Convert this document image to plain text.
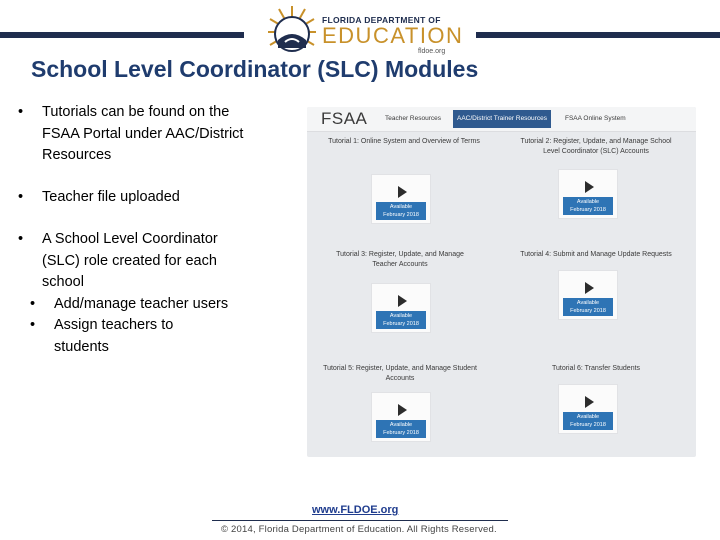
FLORIDA DEPARTMENT OF
EDUCATION
fldoe.org
School Level Coordinator (SLC) Modules
• Tutorials can be found on the
FSAA Portal under AAC/District
Resources
• Teacher file uploaded
• A School Level Coordinator
(SLC) role created for each
school
• Add/manage teacher users
• Assign teachers to
students
FSAA	Teacher Resources	AAC/District Trainer Resources	FSAA Online System
Tutorial 1: Online System and Overview of Terms
Available
February 2018
Tutorial 2: Register, Update, and Manage School
Level Coordinator (SLC) Accounts
Available
February 2018
Tutorial 3: Register, Update, and Manage
Teacher Accounts
Available
February 2018
Tutorial 4: Submit and Manage Update Requests
Available
February 2018
Tutorial 5: Register, Update, and Manage Student
Accounts
Available
February 2018
Tutorial 6: Transfer Students
Available
February 2018
www.FLDOE.org
© 2014, Florida Department of Education. All Rights Reserved.
